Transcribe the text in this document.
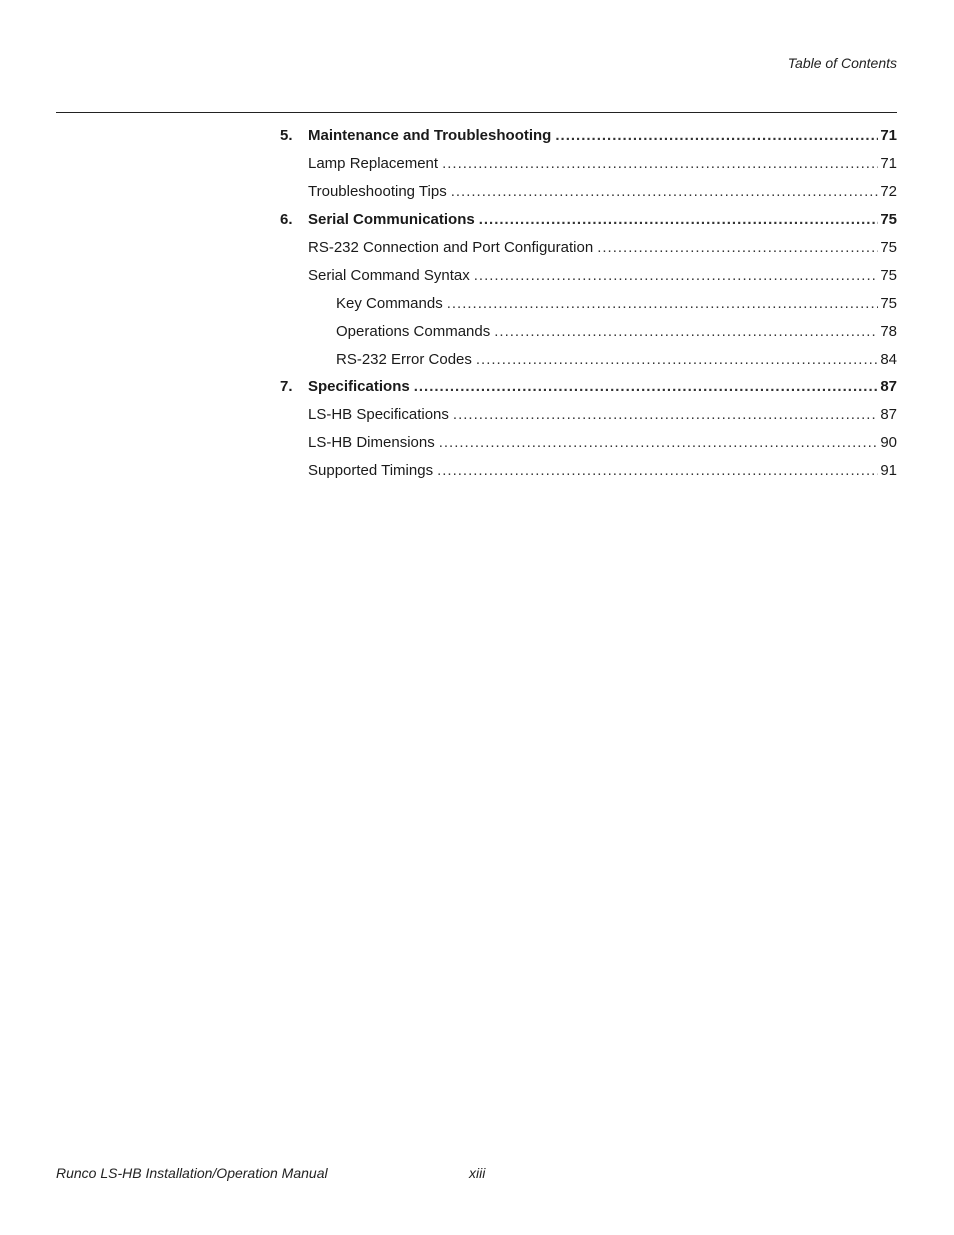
Table of Contents
5.	Maintenance and Troubleshooting .....	71
Lamp Replacement .....	71
Troubleshooting Tips .....	72
6.	Serial Communications .....	75
RS-232 Connection and Port Configuration .....	75
Serial Command Syntax .....	75
Key Commands .....	75
Operations Commands .....	78
RS-232 Error Codes .....	84
7.	Specifications .....	87
LS-HB Specifications .....	87
LS-HB Dimensions .....	90
Supported Timings .....	91
Runco LS-HB Installation/Operation Manual	xiii
